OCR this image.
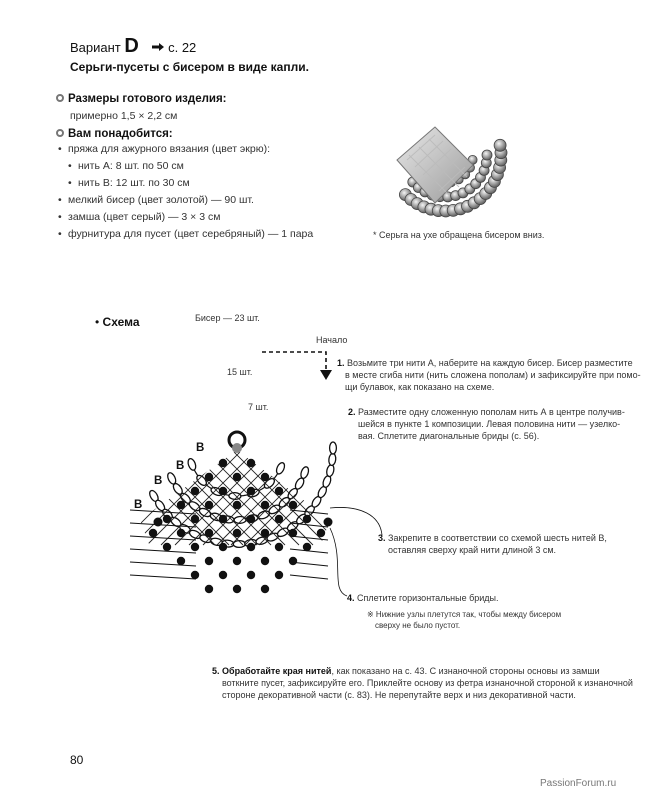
Вариант D с. 22
Серьги-пусеты с бисером в виде капли.
Размеры готового изделия:
примерно 1,5 × 2,2 см
Вам понадобится:
• пряжа для ажурного вязания (цвет экрю):
• нить А: 8 шт. по 50 см
• нить В: 12 шт. по 30 см
• мелкий бисер (цвет золотой) — 90 шт.
• замша (цвет серый) — 3 × 3 см
• фурнитура для пусет (цвет серебряный) — 1 пара	* Серьга на ухе обращена бисером вниз.
• Схема	Бисер — 23 шт.
Начало
15 шт.
7 шт.
В
В
В
В
1. Возьмите три нити А, наберите на каждую бисер. Бисер разместите
в месте сгиба нити (нить сложена пополам) и зафиксируйте при помо-
щи булавок, как показано на схеме.
2. Разместите одну сложенную пополам нить А в центре получив-
шейся в пункте 1 композиции. Левая половина нити — узелко-
вая. Сплетите диагональные бриды (с. 56).
3. Закрепите в соответствии со схемой шесть нитей В,
оставляя сверху край нити длиной 3 см.
4. Сплетите горизонтальные бриды.
※ Нижние узлы плетутся так, чтобы между бисером
сверху не было пустот.
5. Обработайте края нитей, как показано на с. 43. С изнаночной стороны основы из замши
воткните пусет, зафиксируйте его. Приклейте основу из фетра изнаночной стороной к изнаночной
стороне декоративной части (с. 83). Не перепутайте верх и низ декоративной части.
80
PassionForum.ru
